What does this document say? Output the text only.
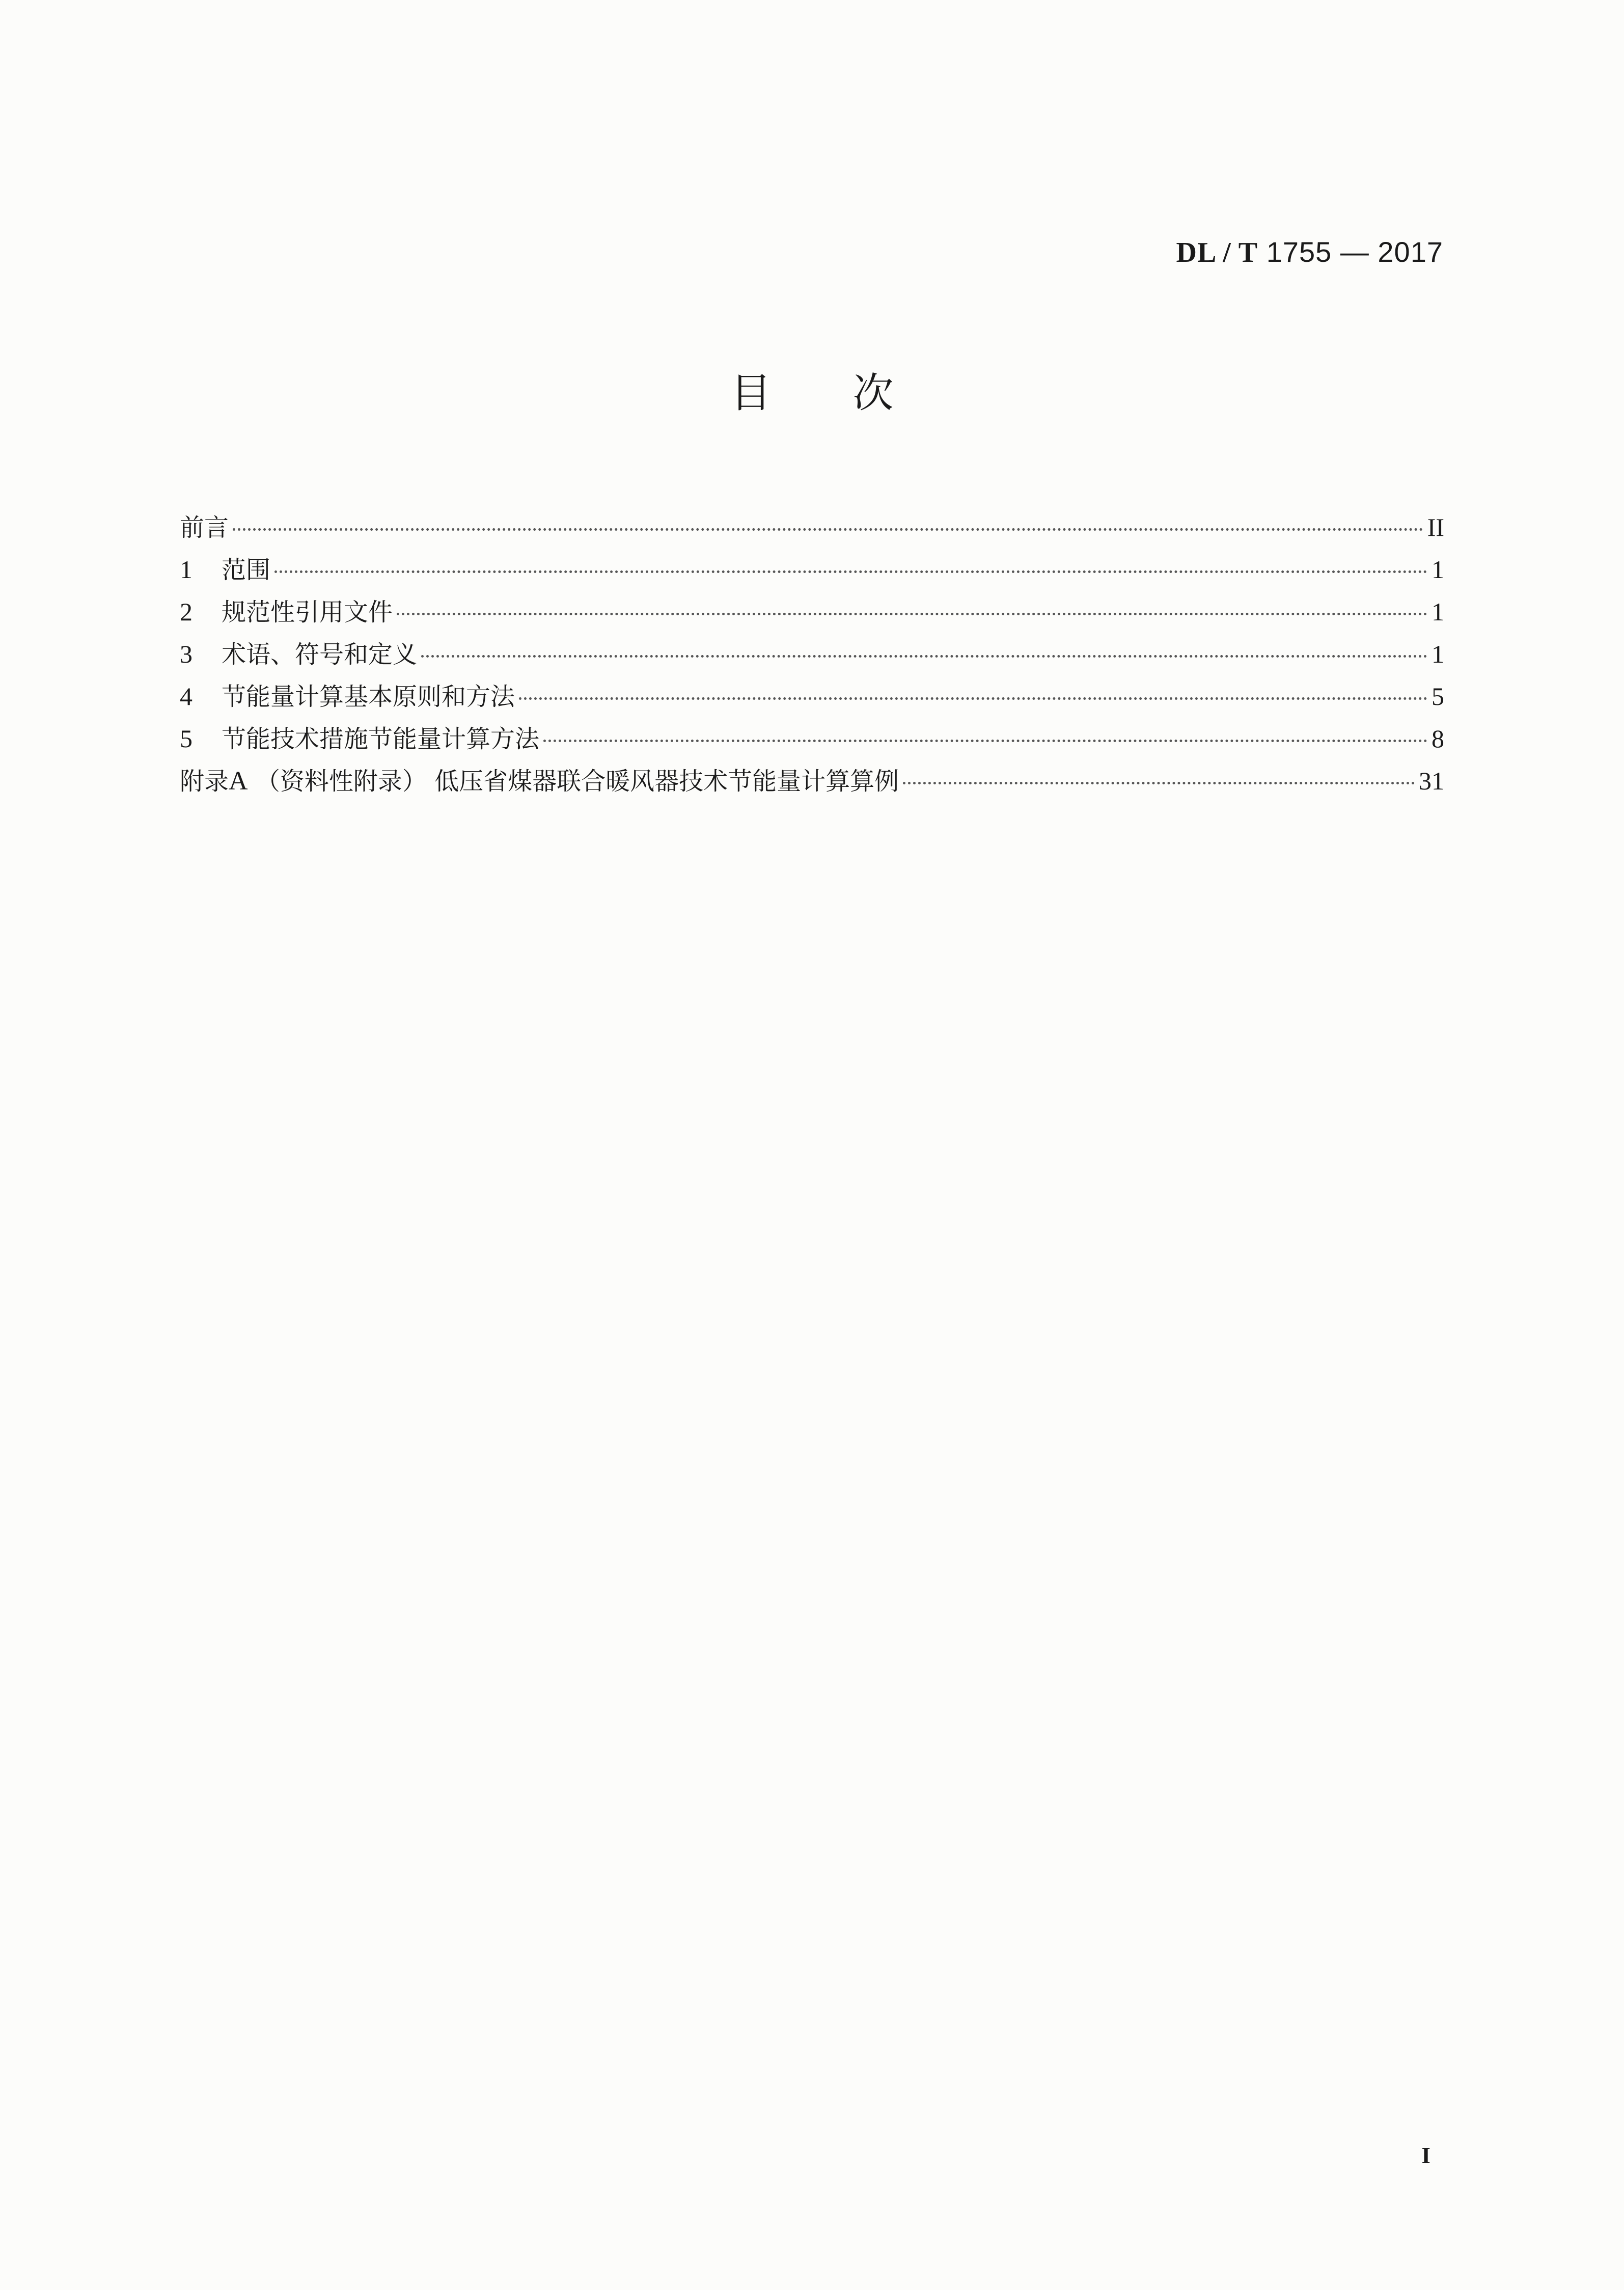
DL / T 1755 — 2017
目 次
前言	II
1	范围	1
2	规范性引用文件	1
3	术语、符号和定义	1
4	节能量计算基本原则和方法	5
5	节能技术措施节能量计算方法	8
附录A （资料性附录） 低压省煤器联合暖风器技术节能量计算算例	31
I
